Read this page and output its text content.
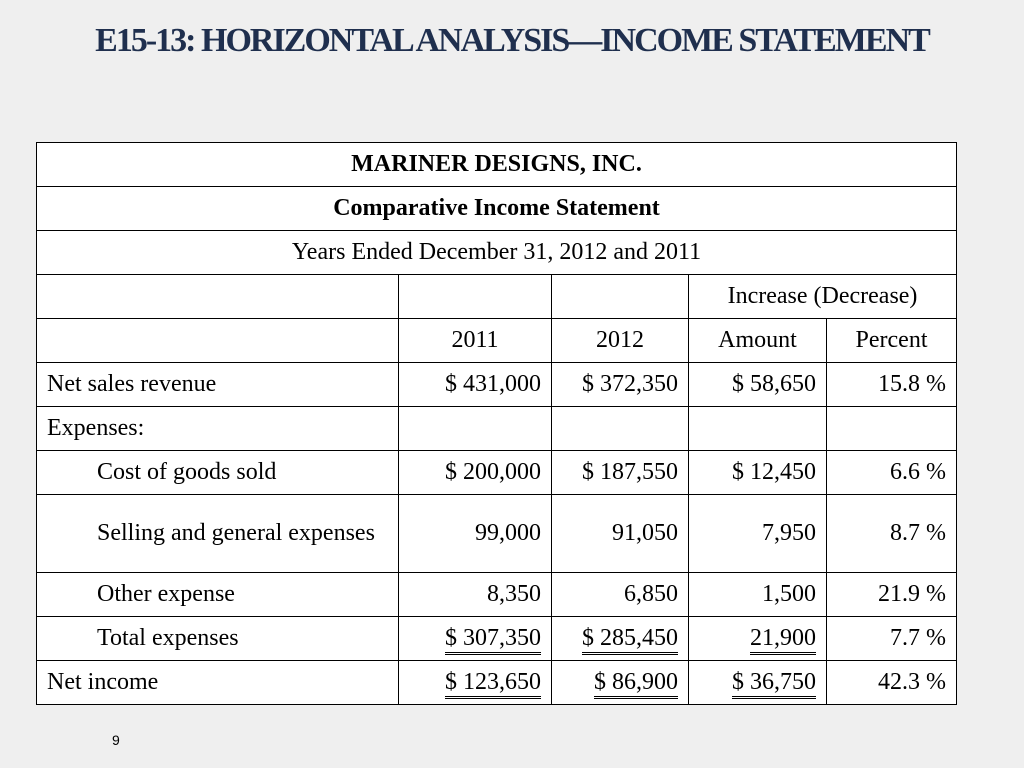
E15-13: HORIZONTAL ANALYSIS—INCOME STATEMENT
MARINER DESIGNS, INC.				
Comparative Income Statement				
Years Ended December 31, 2012 and 2011				
			Increase (Decrease)	
	2011	2012	Amount	Percent
Net sales revenue	$ 431,000	$ 372,350	$ 58,650	15.8 %
Expenses:				
Cost of goods sold	$ 200,000	$ 187,550	$ 12,450	6.6 %
Selling and general expenses	99,000	91,050	7,950	8.7 %
Other expense	8,350	6,850	1,500	21.9 %
Total expenses	$ 307,350	$ 285,450	21,900	7.7 %
Net income	$ 123,650	$ 86,900	$ 36,750	42.3 %
9
